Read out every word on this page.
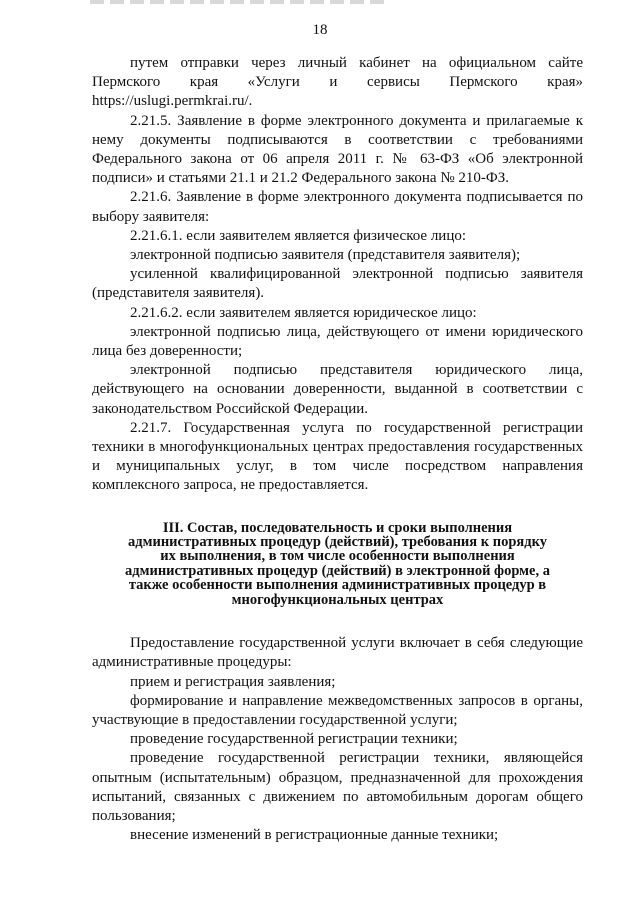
18

путем отправки через личный кабинет на официальном сайте Пермского края «Услуги и сервисы Пермского края» https://uslugi.permkrai.ru/.

2.21.5. Заявление в форме электронного документа и прилагаемые к нему документы подписываются в соответствии с требованиями Федерального закона от 06 апреля 2011 г. № 63-ФЗ «Об электронной подписи» и статьями 21.1 и 21.2 Федерального закона № 210-ФЗ.

2.21.6. Заявление в форме электронного документа подписывается по выбору заявителя:

2.21.6.1. если заявителем является физическое лицо:

электронной подписью заявителя (представителя заявителя);

усиленной квалифицированной электронной подписью заявителя (представителя заявителя).

2.21.6.2. если заявителем является юридическое лицо:

электронной подписью лица, действующего от имени юридического лица без доверенности;

электронной подписью представителя юридического лица, действующего на основании доверенности, выданной в соответствии с законодательством Российской Федерации.

2.21.7. Государственная услуга по государственной регистрации техники в многофункциональных центрах предоставления государственных и муниципальных услуг, в том числе посредством направления комплексного запроса, не предоставляется.

III. Состав, последовательность и сроки выполнения административных процедур (действий), требования к порядку их выполнения, в том числе особенности выполнения административных процедур (действий) в электронной форме, а также особенности выполнения административных процедур в многофункциональных центрах

Предоставление государственной услуги включает в себя следующие административные процедуры:

прием и регистрация заявления;

формирование и направление межведомственных запросов в органы, участвующие в предоставлении государственной услуги;

проведение государственной регистрации техники;

проведение государственной регистрации техники, являющейся опытным (испытательным) образцом, предназначенной для прохождения испытаний, связанных с движением по автомобильным дорогам общего пользования;

внесение изменений в регистрационные данные техники;
